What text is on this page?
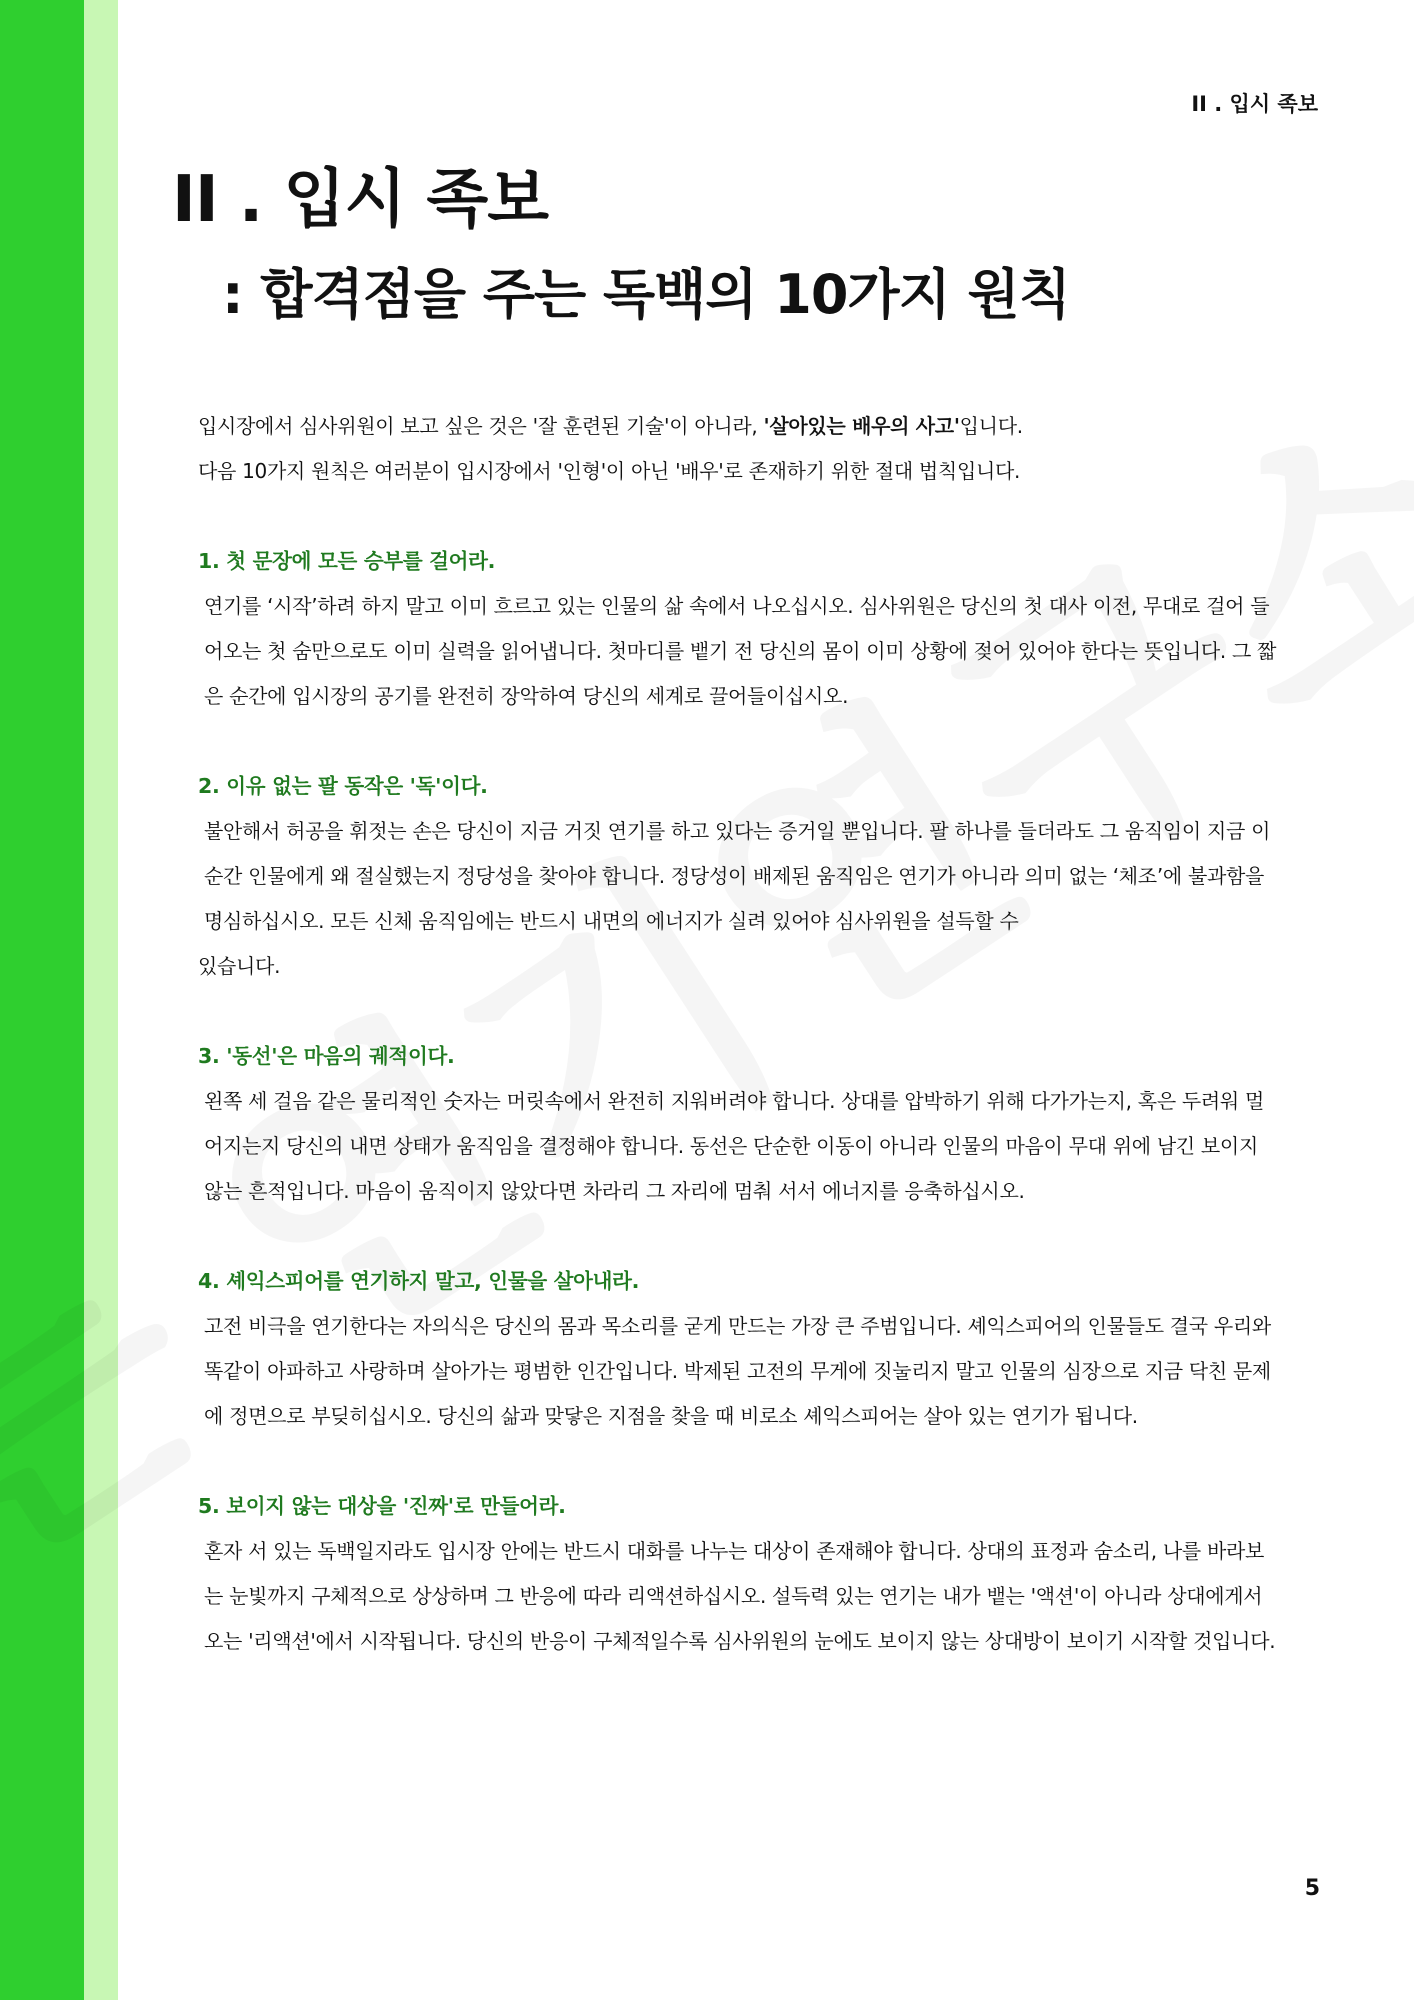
II . 입시 족보
II . 입시 족보
: 합격점을 주는 독백의 10가지 원칙

입시장에서 심사위원이 보고 싶은 것은 '잘 훈련된 기술'이 아니라, '살아있는 배우의 사고'입니다.
다음 10가지 원칙은 여러분이 입시장에서 '인형'이 아닌 '배우'로 존재하기 위한 절대 법칙입니다.

1. 첫 문장에 모든 승부를 걸어라.

연기를 ‘시작’하려 하지 말고 이미 흐르고 있는 인물의 삶 속에서 나오십시오. 심사위원은 당신의 첫 대사 이전, 무대로 걸어 들어오는 첫 숨만으로도 이미 실력을 읽어냅니다. 첫마디를 뱉기 전 당신의 몸이 이미 상황에 젖어 있어야 한다는 뜻입니다. 그 짧은 순간에 입시장의 공기를 완전히 장악하여 당신의 세계로 끌어들이십시오.

2. 이유 없는 팔 동작은 '독'이다.

불안해서 허공을 휘젓는 손은 당신이 지금 거짓 연기를 하고 있다는 증거일 뿐입니다. 팔 하나를 들더라도 그 움직임이 지금 이 순간 인물에게 왜 절실했는지 정당성을 찾아야 합니다. 정당성이 배제된 움직임은 연기가 아니라 의미 없는 ‘체조’에 불과함을 명심하십시오. 모든 신체 움직임에는 반드시 내면의 에너지가 실려 있어야 심사위원을 설득할 수

있습니다.

3. '동선'은 마음의 궤적이다.

왼쪽 세 걸음 같은 물리적인 숫자는 머릿속에서 완전히 지워버려야 합니다. 상대를 압박하기 위해 다가가는지, 혹은 두려워 멀어지는지 당신의 내면 상태가 움직임을 결정해야 합니다. 동선은 단순한 이동이 아니라 인물의 마음이 무대 위에 남긴 보이지 않는 흔적입니다. 마음이 움직이지 않았다면 차라리 그 자리에 멈춰 서서 에너지를 응축하십시오.

4. 셰익스피어를 연기하지 말고, 인물을 살아내라.

고전 비극을 연기한다는 자의식은 당신의 몸과 목소리를 굳게 만드는 가장 큰 주범입니다. 셰익스피어의 인물들도 결국 우리와 똑같이 아파하고 사랑하며 살아가는 평범한 인간입니다. 박제된 고전의 무게에 짓눌리지 말고 인물의 심장으로 지금 닥친 문제에 정면으로 부딪히십시오. 당신의 삶과 맞닿은 지점을 찾을 때 비로소 셰익스피어는 살아 있는 연기가 됩니다.

5. 보이지 않는 대상을 '진짜'로 만들어라.

혼자 서 있는 독백일지라도 입시장 안에는 반드시 대화를 나누는 대상이 존재해야 합니다. 상대의 표정과 숨소리, 나를 바라보는 눈빛까지 구체적으로 상상하며 그 반응에 따라 리액션하십시오. 설득력 있는 연기는 내가 뱉는 '액션'이 아니라 상대에게서 오는 '리액션'에서 시작됩니다. 당신의 반응이 구체적일수록 심사위원의 눈에도 보이지 않는 상대방이 보이기 시작할 것입니다.

5
